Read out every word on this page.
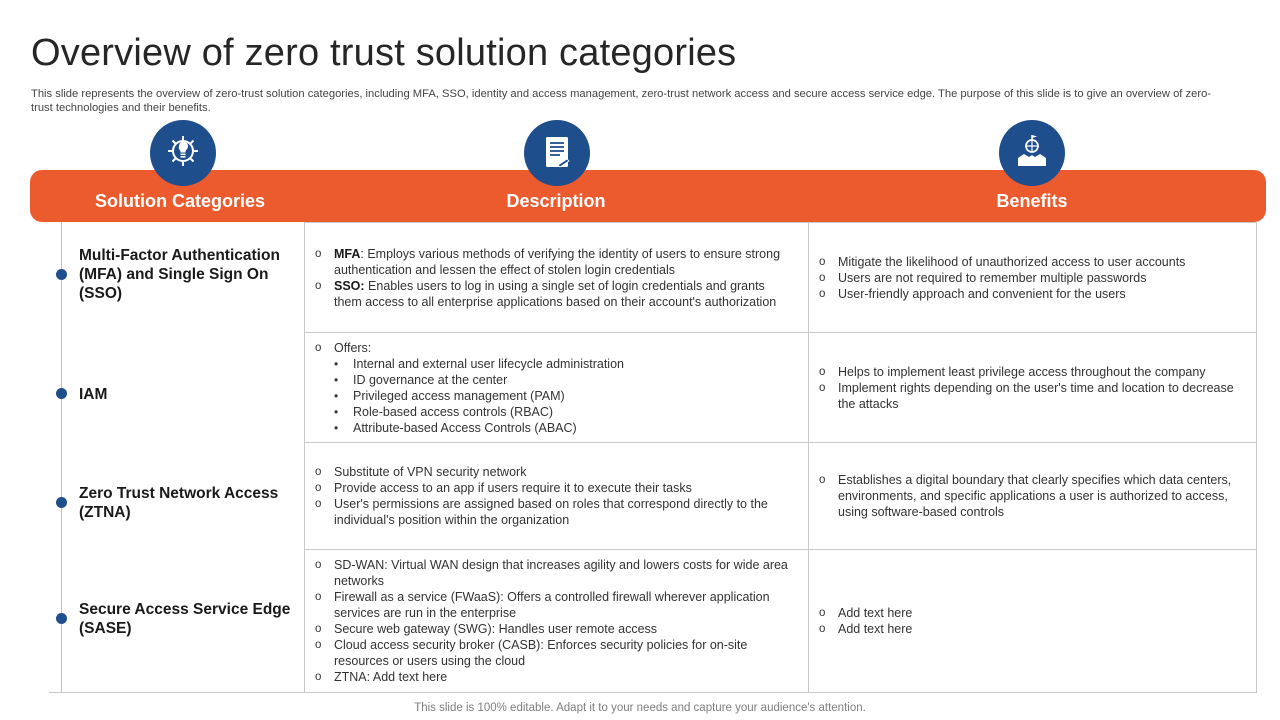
Overview of zero trust solution categories

This slide represents the overview of zero-trust solution categories, including MFA, SSO, identity and access management, zero-trust network access and secure access service edge. The purpose of this slide is to give an overview of zero-trust technologies and their benefits.

Solution Categories	Description	Benefits
Multi-Factor Authentication (MFA) and Single Sign On (SSO)
o MFA: Employs various methods of verifying the identity of users to ensure strong authentication and lessen the effect of stolen login credentials
o SSO: Enables users to log in using a single set of login credentials and grants them access to all enterprise applications based on their account's authorization
o Mitigate the likelihood of unauthorized access to user accounts
o Users are not required to remember multiple passwords
o User-friendly approach and convenient for the users
IAM
o Offers:
• Internal and external user lifecycle administration
• ID governance at the center
• Privileged access management (PAM)
• Role-based access controls (RBAC)
• Attribute-based Access Controls (ABAC)
o Helps to implement least privilege access throughout the company
o Implement rights depending on the user's time and location to decrease the attacks
Zero Trust Network Access (ZTNA)
o Substitute of VPN security network
o Provide access to an app if users require it to execute their tasks
o User's permissions are assigned based on roles that correspond directly to the individual's position within the organization
o Establishes a digital boundary that clearly specifies which data centers, environments, and specific applications a user is authorized to access, using software-based controls
Secure Access Service Edge (SASE)
o SD-WAN: Virtual WAN design that increases agility and lowers costs for wide area networks
o Firewall as a service (FWaaS): Offers a controlled firewall wherever application services are run in the enterprise
o Secure web gateway (SWG): Handles user remote access
o Cloud access security broker (CASB): Enforces security policies for on-site resources or users using the cloud
o ZTNA: Add text here
o Add text here
o Add text here
This slide is 100% editable. Adapt it to your needs and capture your audience's attention.
